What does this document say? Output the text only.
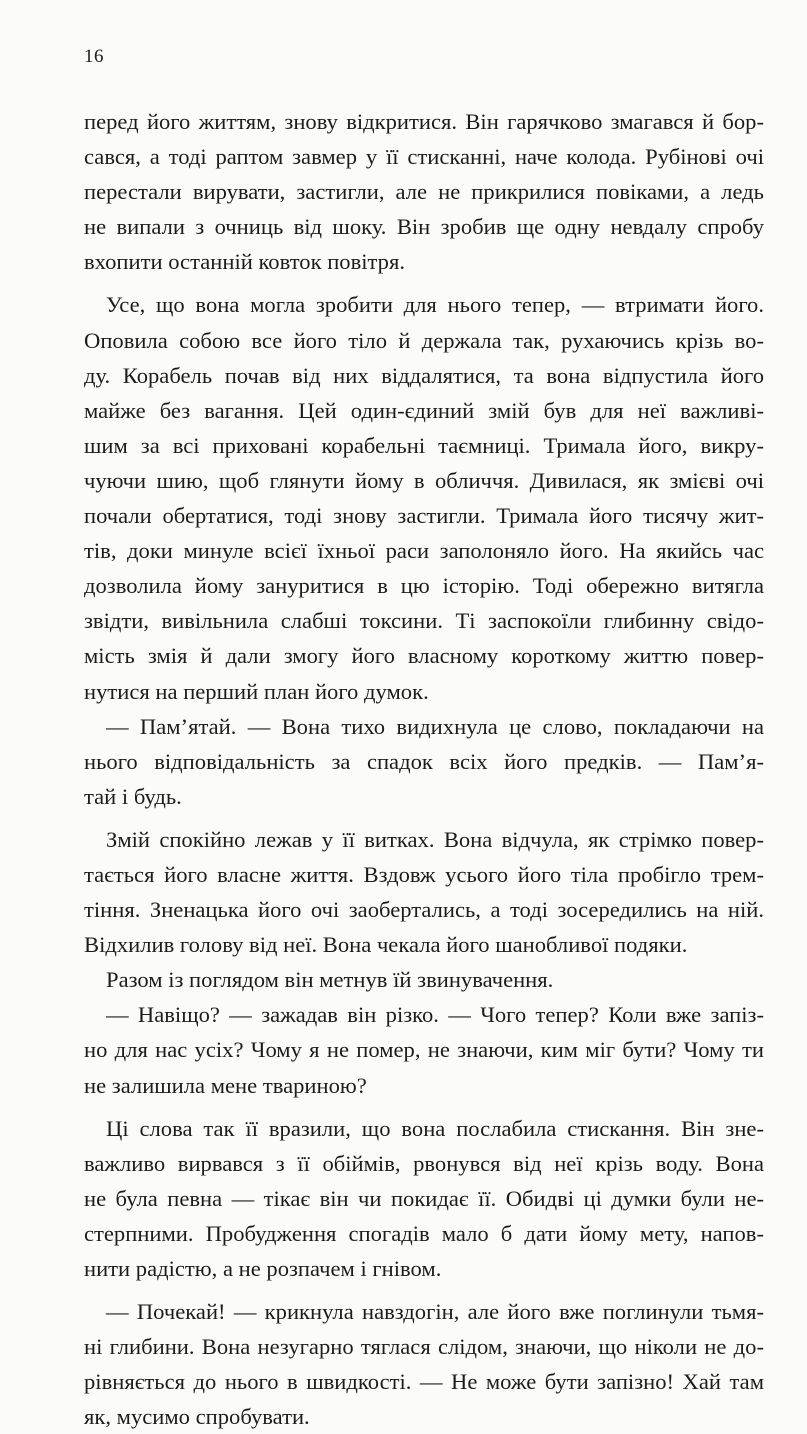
16
перед його життям, знову відкритися. Він гарячково змагався й бор-
сався, а тоді раптом завмер у її стисканні, наче колода. Рубінові очі
перестали вирувати, застигли, але не прикрилися повіками, а ледь
не випали з очниць від шоку. Він зробив ще одну невдалу спробу
вхопити останній ковток повітря.
Усе, що вона могла зробити для нього тепер, — втримати його.
Оповила собою все його тіло й держала так, рухаючись крізь во-
ду. Корабель почав від них віддалятися, та вона відпустила його
майже без вагання. Цей один-єдиний змій був для неї важливі-
шим за всі приховані корабельні таємниці. Тримала його, викру-
чуючи шию, щоб глянути йому в обличчя. Дивилася, як змієві очі
почали обертатися, тоді знову застигли. Тримала його тисячу жит-
тів, доки минуле всієї їхньої раси заполоняло його. На якийсь час
дозволила йому зануритися в цю історію. Тоді обережно витягла
звідти, вивільнила слабші токсини. Ті заспокоїли глибинну свідо-
мість змія й дали змогу його власному короткому життю повер-
нутися на перший план його думок.
— Пам’ятай. — Вона тихо видихнула це слово, покладаючи на
нього відповідальність за спадок всіх його предків. — Пам’я-
тай і будь.
Змій спокійно лежав у її витках. Вона відчула, як стрімко повер-
тається його власне життя. Вздовж усього його тіла пробігло трем-
тіння. Зненацька його очі заобертались, а тоді зосередились на ній.
Відхилив голову від неї. Вона чекала його шанобливої подяки.
Разом із поглядом він метнув їй звинувачення.
— Навіщо? — зажадав він різко. — Чого тепер? Коли вже запіз-
но для нас усіх? Чому я не помер, не знаючи, ким міг бути? Чому ти
не залишила мене твариною?
Ці слова так її вразили, що вона послабила стискання. Він зне-
важливо вирвався з її обіймів, рвонувся від неї крізь воду. Вона
не була певна — тікає він чи покидає її. Обидві ці думки були не-
стерпними. Пробудження спогадів мало б дати йому мету, напов-
нити радістю, а не розпачем і гнівом.
— Почекай! — крикнула навздогін, але його вже поглинули тьмя-
ні глибини. Вона незугарно тяглася слідом, знаючи, що ніколи не до-
рівняється до нього в швидкості. — Не може бути запізно! Хай там
як, мусимо спробувати.
